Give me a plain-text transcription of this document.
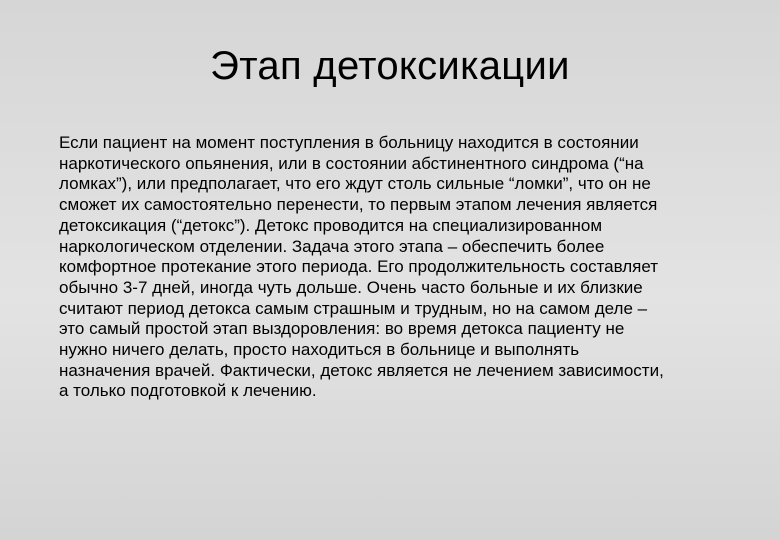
Этап детоксикации
Если пациент на момент поступления в больницу находится в состоянии
наркотического опьянения, или в состоянии абстинентного синдрома (“на
ломках”), или предполагает, что его ждут столь сильные “ломки”, что он не
сможет их самостоятельно перенести, то первым этапом лечения является
детоксикация (“детокс”). Детокс проводится на специализированном
наркологическом отделении. Задача этого этапа – обеспечить более
комфортное протекание этого периода. Его продолжительность составляет
обычно 3-7 дней, иногда чуть дольше. Очень часто больные и их близкие
считают период детокса самым страшным и трудным, но на самом деле –
это самый простой этап выздоровления: во время детокса пациенту не
нужно ничего делать, просто находиться в больнице и выполнять
назначения врачей. Фактически, детокс является не лечением зависимости,
а только подготовкой к лечению.
